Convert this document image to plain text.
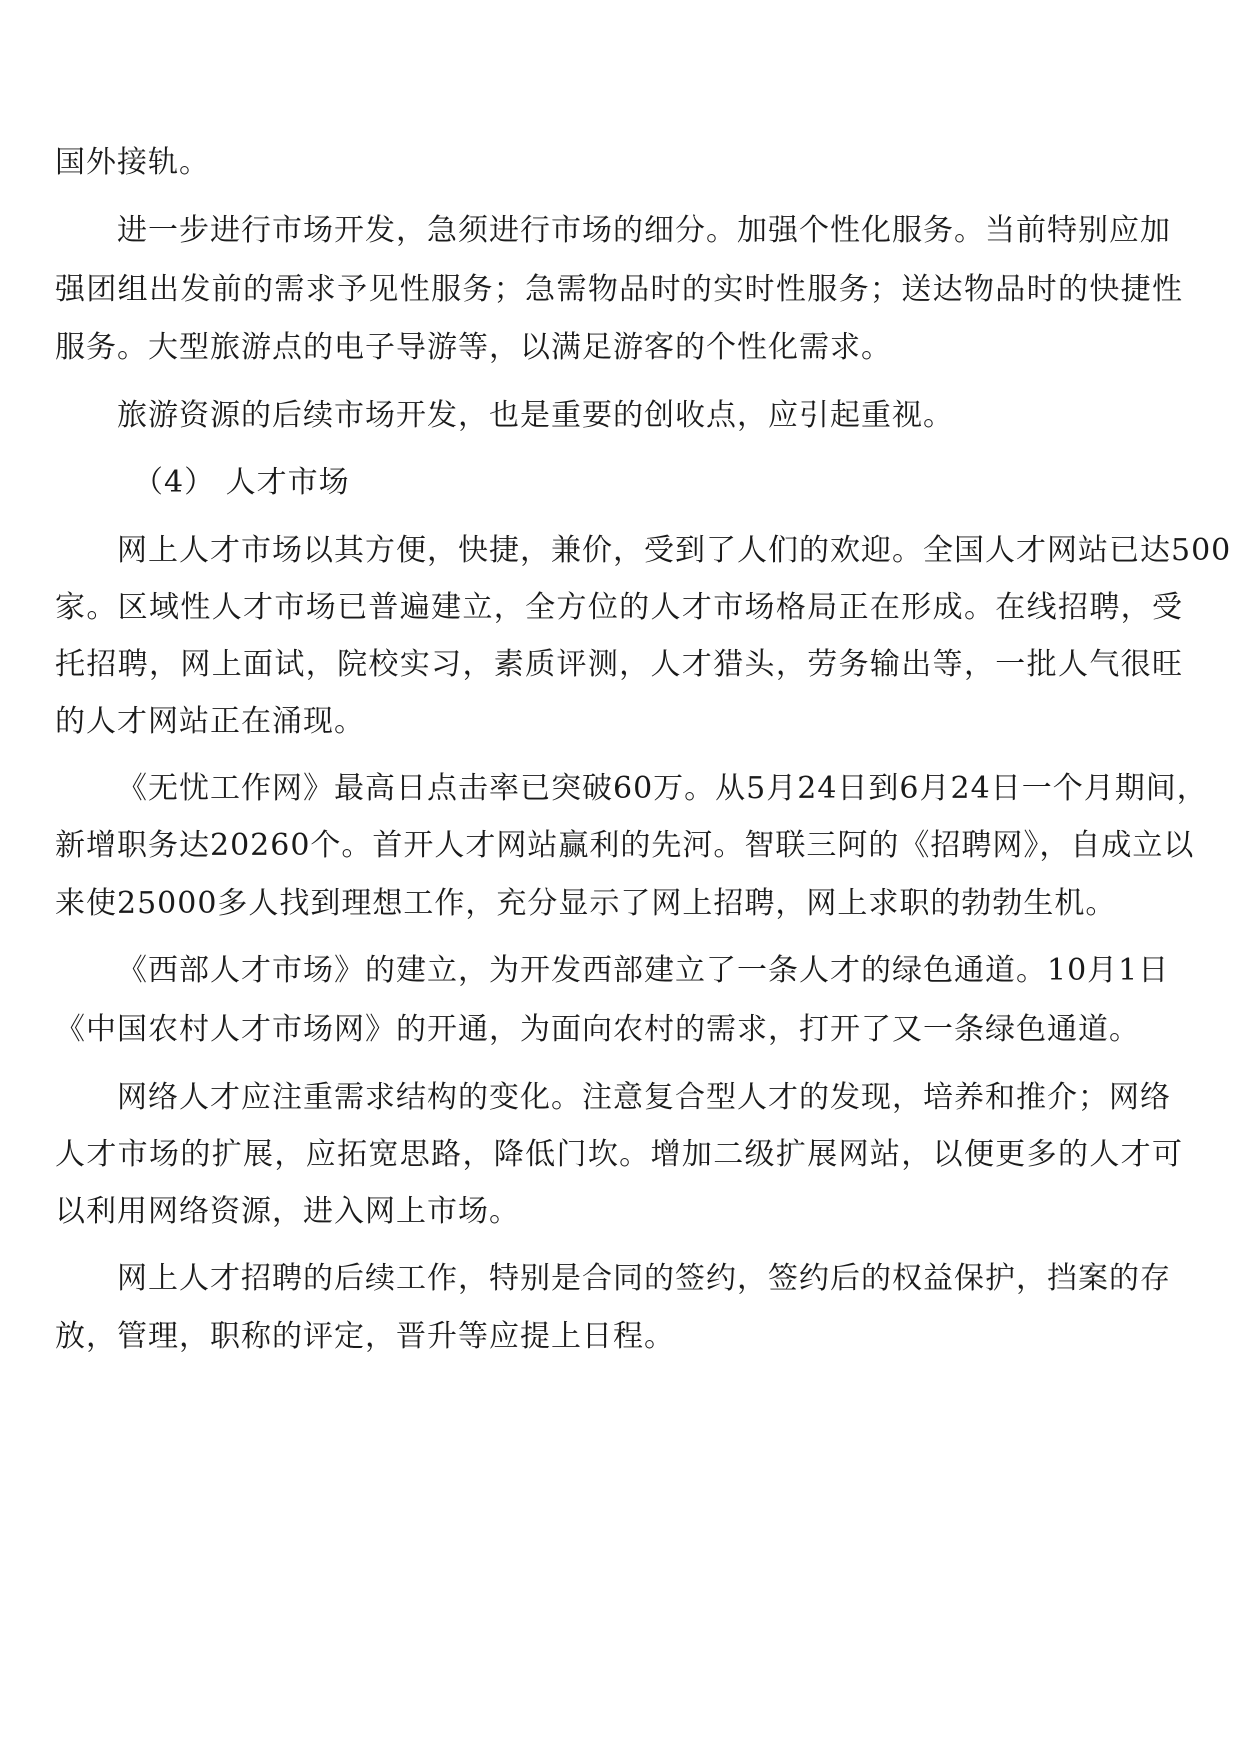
国外接轨。
进一步进行市场开发，急须进行市场的细分。加强个性化服务。当前特别应加
强团组出发前的需求予见性服务；急需物品时的实时性服务；送达物品时的快捷性
服务。大型旅游点的电子导游等，以满足游客的个性化需求。
旅游资源的后续市场开发，也是重要的创收点，应引起重视。
（4） 人才市场
网上人才市场以其方便，快捷，兼价，受到了人们的欢迎。全国人才网站已达500
家。区域性人才市场已普遍建立，全方位的人才市场格局正在形成。在线招聘，受
托招聘，网上面试，院校实习，素质评测，人才猎头，劳务输出等，一批人气很旺
的人才网站正在涌现。
《无忧工作网》最高日点击率已突破60万。从5月24日到6月24日一个月期间，
新增职务达20260个。首开人才网站赢利的先河。智联三阿的《招聘网》，自成立以
来使25000多人找到理想工作，充分显示了网上招聘，网上求职的勃勃生机。
《西部人才市场》的建立，为开发西部建立了一条人才的绿色通道。10月1日
《中国农村人才市场网》的开通，为面向农村的需求，打开了又一条绿色通道。
网络人才应注重需求结构的变化。注意复合型人才的发现，培养和推介；网络
人才市场的扩展，应拓宽思路，降低门坎。增加二级扩展网站，以便更多的人才可
以利用网络资源，进入网上市场。
网上人才招聘的后续工作，特别是合同的签约，签约后的权益保护，挡案的存
放，管理，职称的评定，晋升等应提上日程。
